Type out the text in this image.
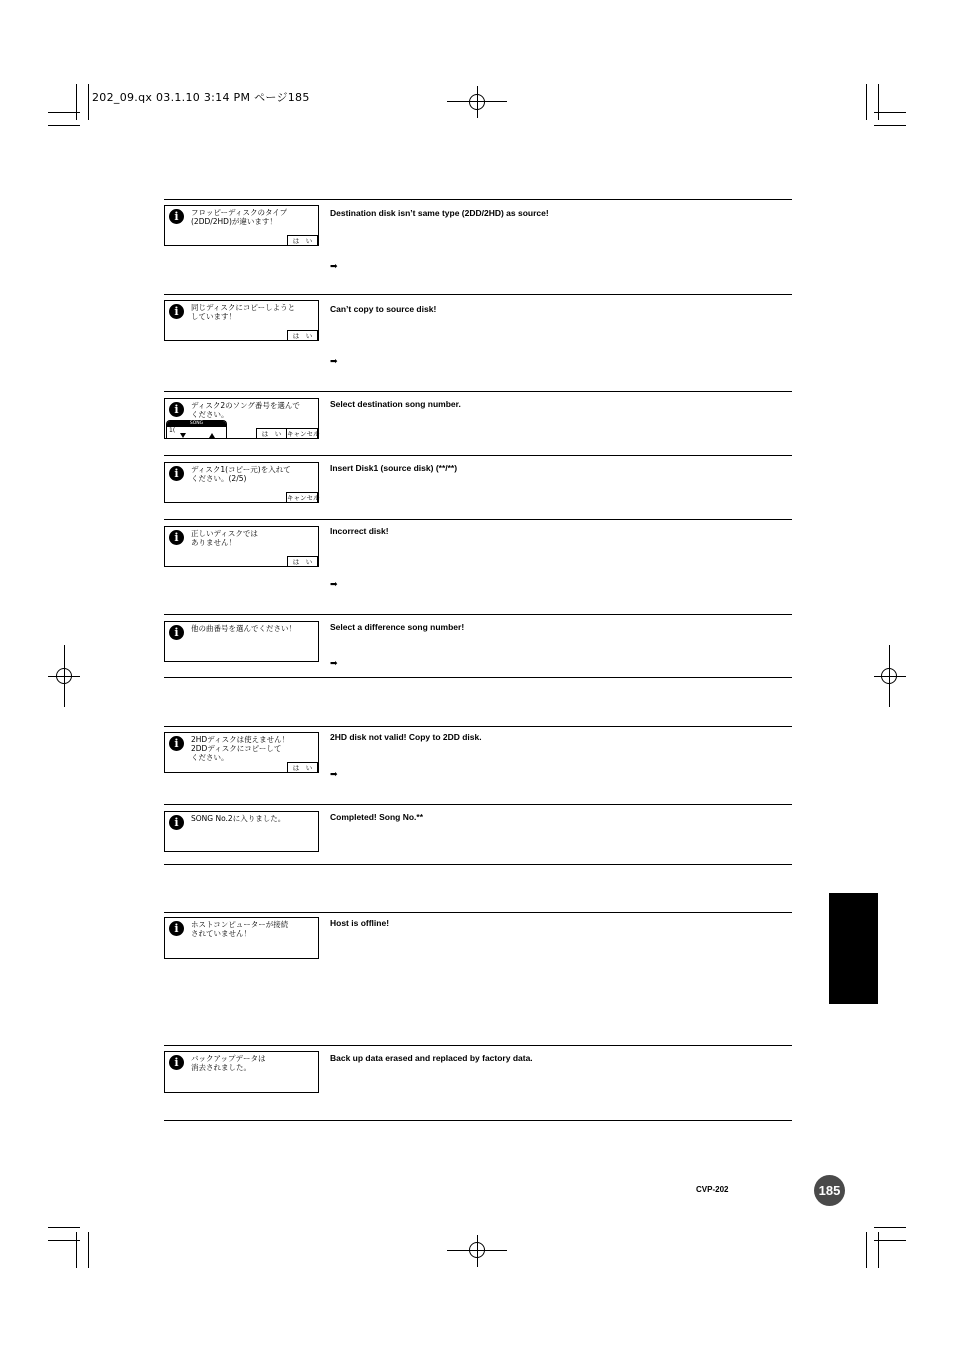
202_09.qx 03.1.10 3:14 PM ページ185
i	フロッピーディスクのタイプ
(2DD/2HD)が違います！
は　い
Destination disk isn’t same type (2DD/2HD) as source!
➡
i	同じディスクにコピーしようと
しています！
は　い
Can’t copy to source disk!
➡
i	ディスク2のソング番号を選んで
ください。
SONG
1(	は　い キャンセル
Select destination song number.
i	ディスク1(コピー元)を入れて
ください。(2/5)
キャンセル
Insert Disk1 (source disk) (**/**)
i	正しいディスクでは
ありません！
は　い
Incorrect disk!
➡
i	他の曲番号を選んでください！	Select a difference song number!
➡
i	2HDディスクは使えません！
2DDディスクにコピーして
ください。
は　い
2HD disk not valid! Copy to 2DD disk.
➡
i	SONG No.2に入りました。	Completed! Song No.**
i	ホストコンピューターが接続
されていません！
Host is offline!
i	バックアップデータは
消去されました。
Back up data erased and replaced by factory data.
CVP-202	185
